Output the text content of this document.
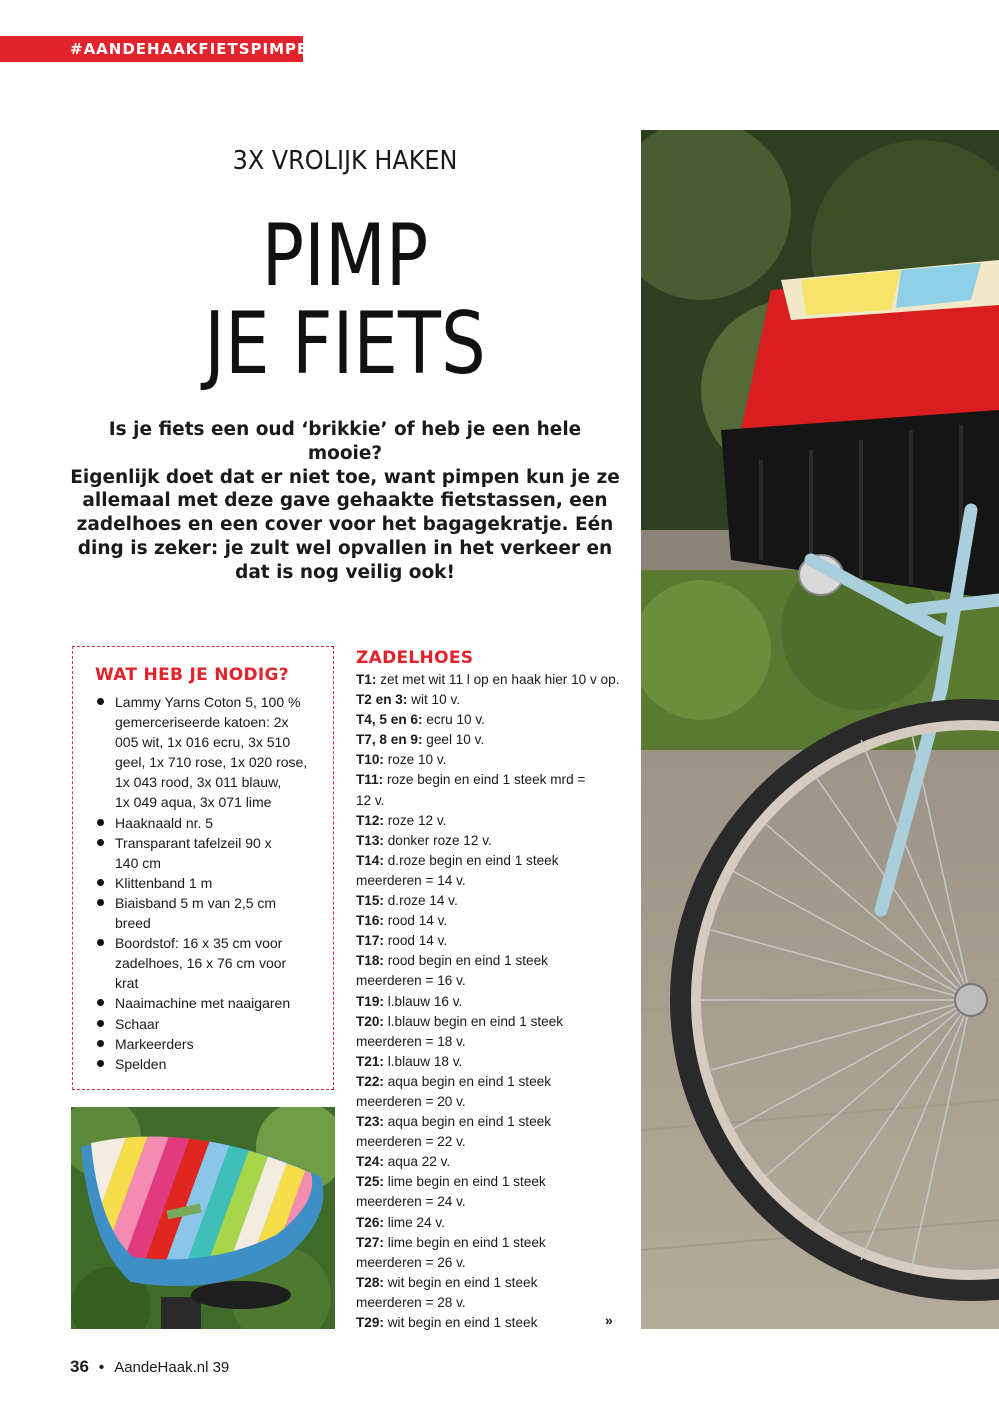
#AANDEHAAKFIETSPIMPEN
3X VROLIJK HAKEN
PIMP
JE FIETS
Is je fiets een oud ‘brikkie’ of heb je een hele mooie?
Eigenlijk doet dat er niet toe, want pimpen kun je ze
allemaal met deze gave gehaakte fietstassen, een
zadelhoes en een cover voor het bagagekratje. Eén
ding is zeker: je zult wel opvallen in het verkeer en
dat is nog veilig ook!
WAT HEB JE NODIG?
Lammy Yarns Coton 5, 100 %
gemerceriseerde katoen: 2x
005 wit, 1x 016 ecru, 3x 510
geel, 1x 710 rose, 1x 020 rose,
1x 043 rood, 3x 011 blauw,
1x 049 aqua, 3x 071 lime
Haaknaald nr. 5
Transparant tafelzeil 90 x
140 cm
Klittenband 1 m
Biaisband 5 m van 2,5 cm
breed
Boordstof: 16 x 35 cm voor
zadelhoes, 16 x 76 cm voor
krat
Naaimachine met naaigaren
Schaar
Markeerders
Spelden
ZADELHOES

T1: zet met wit 11 l op en haak hier 10 v op.

T2 en 3: wit 10 v.

T4, 5 en 6: ecru 10 v.

T7, 8 en 9: geel 10 v.

T10: roze 10 v.

T11: roze begin en eind 1 steek mrd =

12 v.

T12: roze 12 v.

T13: donker roze 12 v.

T14: d.roze begin en eind 1 steek

meerderen = 14 v.

T15: d.roze 14 v.

T16: rood 14 v.

T17: rood 14 v.

T18: rood begin en eind 1 steek

meerderen = 16 v.

T19: l.blauw 16 v.

T20: l.blauw begin en eind 1 steek

meerderen = 18 v.

T21: l.blauw 18 v.

T22: aqua begin en eind 1 steek

meerderen = 20 v.

T23: aqua begin en eind 1 steek

meerderen = 22 v.

T24: aqua 22 v.

T25: lime begin en eind 1 steek

meerderen = 24 v.

T26: lime 24 v.

T27: lime begin en eind 1 steek

meerderen = 26 v.

T28: wit begin en eind 1 steek

meerderen = 28 v.

T29: wit begin en eind 1 steek	»
36 • AandeHaak.nl 39
